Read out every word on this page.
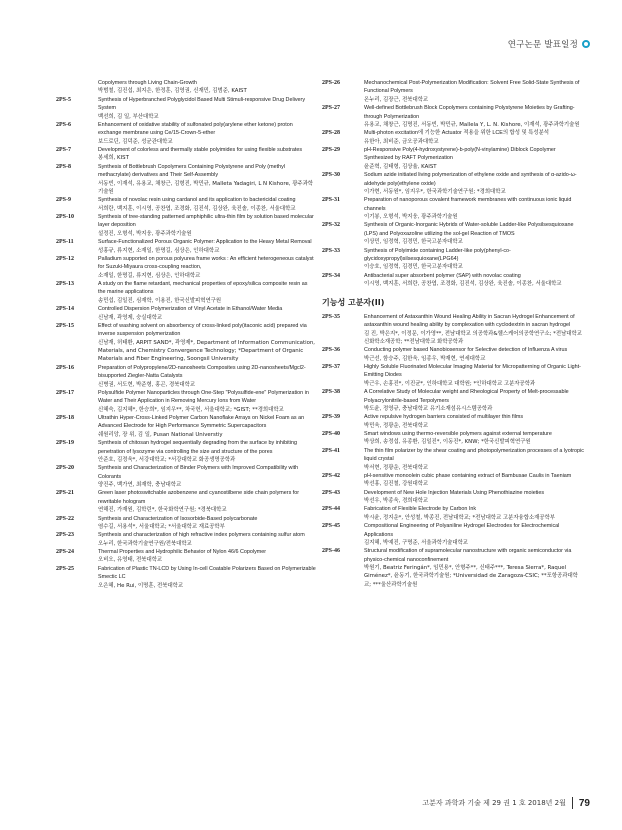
연구논문 발표일정
Copolymers through Living Chain-Growth
박범철, 김진섭, 최지은, 한정훈, 김영권, 신재민, 김범준, KAIST
2PS-5	Synthesis of Hyperbranched Polyglycidol Based Multi Stimuli-responsive Drug Delivery System
백선희, 김 일, 부산대학교
2PS-6	Enhancement of oxidative stability of sulfonated poly(arylene ether ketone) proton exchange membrane using Ce/15-Crown-5-ether
보드로딘, 김덕준, 성균관대학교
2PS-7	Development of colorless and thermally stable polyimides for using flexible substrates
봉세희, KIST
2PS-8	Synthesis of Bottlebrush Copolymers Containing Polystyrene and Poly (methyl methacrylate) derivatives and Their Self-Assembly
서동빈, 이재석, 유용교, 채창근, 김형진, 박민규, Malleta Yadagiri, L N Kishore, 광주과학기술원
2PS-9	Synthesis of novolac resin using cardanol and its application to bactericidal coating
서희란, 백지훈, 이시영, 공찬엽, 조경화, 김진석, 김상완, 육진솔, 이종찬, 서울대학교
2PS-10	Synthesis of tree-standing patterned amphiphilic ultra-thin film by solution based molecular layer deposition
설정진, 오형석, 박지웅, 광주과학기술원
2PS-11	Surface-Functionalized Porous Organic Polymer: Application to the Heavy Metal Removal
성홍규, 류지현, 소재일, 한명길, 심상은, 인하대학교
2PS-12	Palladium supported on porous polyurea frame works : An efficient heterogeneous catalyst for Suzuki-Miyaura cross-coupling reaction,
소재일, 한명길, 류지현, 심상은, 인하대학교
2PS-13	A study on the flame retardant, mechanical properties of epoxy/silica composite resin as the marine applications
송민섭, 김일진, 심재학, 이용진, 한국신발피혁연구원
2PS-14	Controlled Dispersion Polymerization of Vinyl Acetate in Ethanol/Water Media
신남재, 곽영제, 숭실대학교
2PS-15	Effect of washing solvent on absorbency of cross-linked poly(itaconic acid) prepared via inverse suspension polymerization
신남재, 허태환, ARPIT SAND*, 곽영제*, Department of Information Communication, Materials, and Chemistry Convergence Technology; *Department of Organic Materials and Fiber Engineering, Soongsil University
2PS-16	Preparation of Polypropylene/2D-nanosheets Composites using 2D-nanosheets/Mgcl2-bisupported Ziegler-Natta Catalysts
신병권, 서도현, 박준형, 홍곤, 경북대학교
2PS-17	Polysulfide Polymer Nanoparticles through One-Step "Polysulfide-ene" Polymerization in Water and Their Application in Removing Mercury Ions from Water
신혜숙, 김지혜*, 한승희*, 임지우**, 차국헌, 서울대학교; *GIST; **경희대학교
2PS-18	Ultrathin Hyper-Cross-Linked Polymer Carbon Nanoflake Arrays on Nickel Foam as an Advanced Electrode for High Performance Symmetric Supercapacitors
쉐원리앙, 장 위, 김 일, Pusan National Universtiy
2PS-19	Synthesis of chitosan hydrogel sequentially degrading from the surface by inhibiting penetration of lysozyme via controlling the size and structure of the pores
안준호, 김정욱*, 서강대학교; *서강대학교 화공생명공학과
2PS-20	Synthesis and Characterization of Binder Polymers with Improved Compatibility with Colorants
양진주, 백가연, 최재학, 충남대학교
2PS-21	Green laser photoswitchable azobenzene and cyanostilbene side chain polymers for rewritable hologram
연해진, 가재원, 김학린*, 한국화학연구원; *경북대학교
2PS-22	Synthesis and Characterization of Isosorbide-Based polycarbonate
염수길, 서용석*, 서울대학교; *서울대학교 재료공학부
2PS-23	Synthesis and characterization of high refractive index polymers containing sulfur atom
오누리, 한국과학기술연구원/전북대학교
2PS-24	Thermal Properties and Hydrophilic Behavior of Nylon 46/6 Copolymer
오비오, 유영태, 전북대학교
2PS-25	Fabrication of Plastic TN-LCD by Using In-cell Coatable Polarizers Based on Polymerizable Smectic LC
오은혜, He Rui, 이명훈, 전북대학교
2PS-26	Mechanochemical Post-Polymerization Modification: Solvent Free Solid-State Synthesis of Functional Polymers
온누리, 김장근, 전북대학교
2PS-27	Well-defined Bottlebrush Block Copolymers containing Polystyrene Moieties by Grafting-through Polymerization
유용교, 채창근, 김명진, 서동빈, 박민규, Mallela Y, L. N. Kishore, 이재석, 광주과학기술원
2PS-28	Multi-photon excitation에 기능한 Actuator 적용을 위한 LCE의 합성 및 특성분석
유한아, 최비준, 금오공과대학교
2PS-29	pH-Responsive Poly(4-hydroxystyrene)-b-poly(N-vinylamine) Diblock Copolymer Synthesized by RAFT Polymerization
윤준혁, 김태형, 김상율, KAIST
2PS-30	Sodium azide initiated living polymerization of ethylene oxide and synthesis of α-azido-ω-aldehyde poly(ethylene oxide)
이가현, 서동원*, 임지우*, 한국과학기술연구원; *경희대학교
2PS-31	Preparation of nanoporous covalent framework membranes with continuous ionic liquid channels
이기봉, 오형석, 박지웅, 광주과학기술원
2PS-32	Synthesis of Organic-Inorganic Hybrids of Water-soluble Ladder-like Polysilsesquioxane (LPS) and Polyoxazoline utilizing the sol-gel Reaction of TMOS
이상민, 임정혁, 김경민, 한국고분자대학교
2PS-33	Synthesis of Polyimide containing Ladder-like poly(phenyl-co-glycidoxypropyl)silsesquioxane(LPG64)
이승호, 임정혁, 김경민, 한국고분자대학교
2PS-34	Antibacterial super absorbent polymer (SAP) with novolac coating
이시영, 백지훈, 서희란, 공찬엽, 조경화, 김진석, 김상완, 육진솔, 이종찬, 서울대학교
기능성 고분자(II)
2PS-35	Enhancement of Astaxanthin Wound Healing Ability in Sacran Hydrogel Enhancement of astaxanthin wound healing ability by complexation with cyclodextrin in sacran hydrogel
김 진, 박은지*, 이정문, 이가영**, 전남대학교 의공학과&헬스케어의공학연구소; *전남대학교 신화학소재공학; **전남대학교 화학공학과
2PS-36	Conducting polymer based Nanobiosensor for Selective detection of Influenza A virus
박근선, 함승주, 김한욱, 임종우, 박재현, 연세대학교
2PS-37	Highly Soluble Fluorinated Molecular Imaging Material for Micropatterning of Organic Light-Emitting Diodes
박근우, 손홍진*, 이진균*, 인하대학교 대학원; *인하대학교 고분자공학과
2PS-38	A Correlative Study of Molecular weight and Rheological Property of Melt-processable Polyacrylonitrile-based Terpolymers
박도윤, 정영규, 충남대학교 유기소재섬유시스템공학과
2PS-39	Active repulsive hydrogen barriers consisted of multilayer thin films
박민욱, 정광운, 전북대학교
2PS-40	Smart windows using thermo-reversible polymers against external temperature
박상희, 송정섭, 유종환, 김일진*, 이동진*, KNW; *한국신발피혁연구원
2PS-41	The thin film polarizer by the shear coating and photopolymerization processes of a lyotropic liquid crystal
박서현, 정광운, 전북대학교
2PS-42	pH-sensitive monoolein cubic phase containing extract of Bambusae Caulis in Taeniam
박선홍, 김진철, 강원대학교
2PS-43	Development of New Hole Injection Materials Using Phenothiazine moieties
박선우, 박종욱, 경희대학교
2PS-44	Fabrication of Flexible Electrode by Carbon Ink
박시윤, 정지운*, 안성철, 박종진, 전남대학교; *전남대학교 고분자융합소재공학부
2PS-45	Compositional Engineering of Polyaniline Hydrogel Electrodes for Electrochemical Applications
김지혜, 박예진, 구명준, 서울과학기술대학교
2PS-46	Structural modification of supramolecular nanostructure with organic semiconductor via physico-chemical nanoconfinement
박원기, Beatriz Feringán*, 임민용*, 안형주**, 신태주***, Teresa Sierra*, Raquel Giménez*, 윤동기, 한국과학기술원; *Universidad de Zaragoza-CSIC; **포항공과대학교; ***울산과학기술원
고분자 과학과 기술 제 29 권 1 호 2018년 2월 79
